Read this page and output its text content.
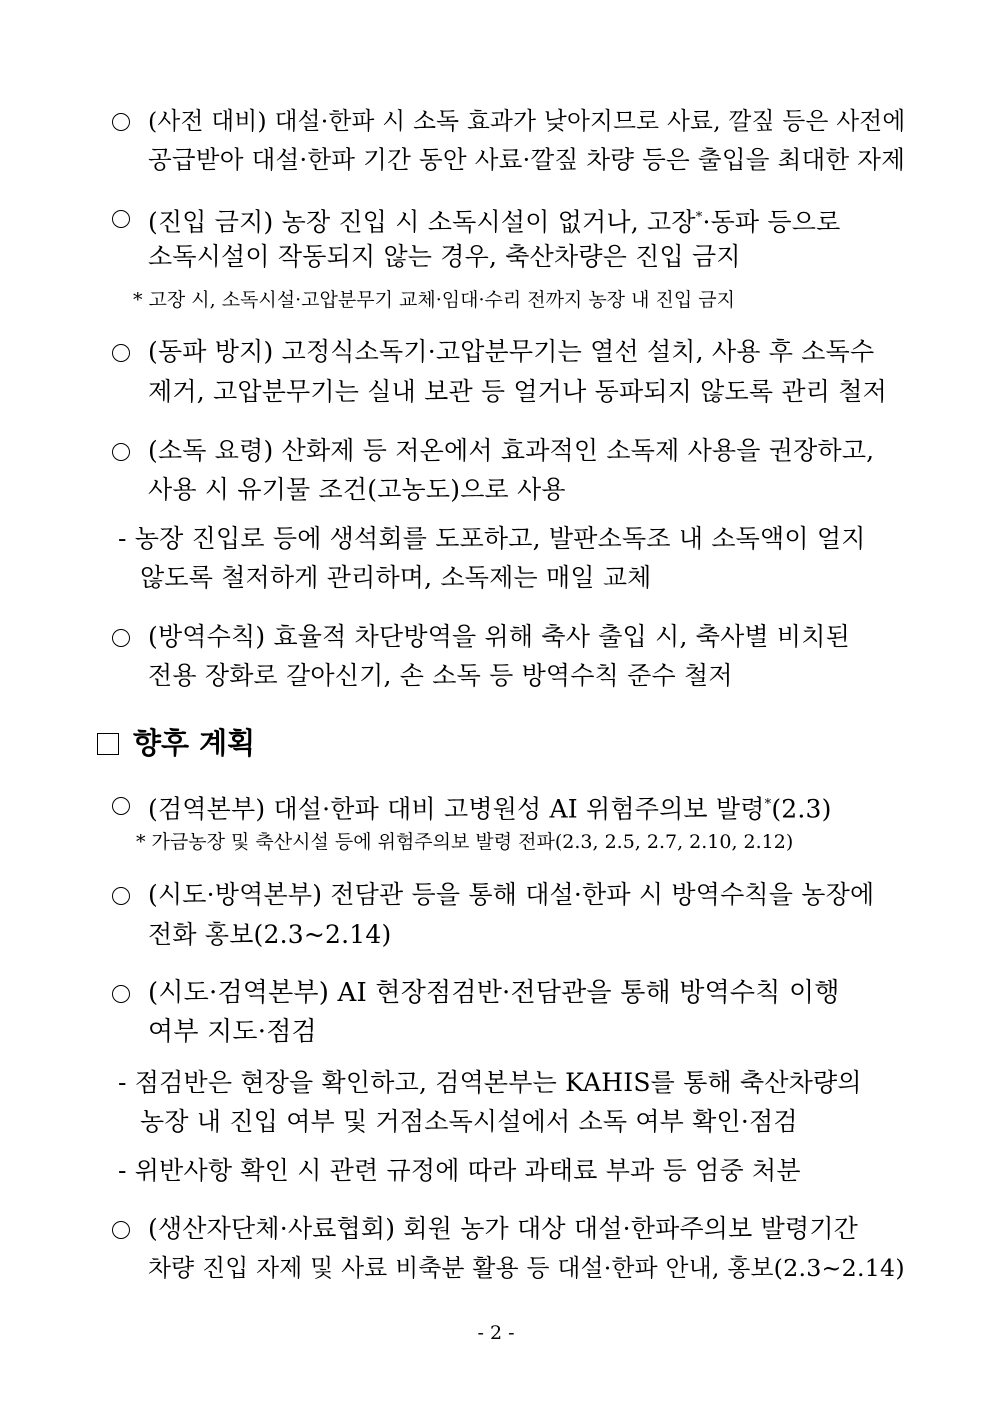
(사전 대비) 대설·한파 시 소독 효과가 낮아지므로 사료, 깔짚 등은 사전에
공급받아 대설·한파 기간 동안 사료·깔짚 차량 등은 출입을 최대한 자제
(진입 금지) 농장 진입 시 소독시설이 없거나, 고장*·동파 등으로
소독시설이 작동되지 않는 경우, 축산차량은 진입 금지
* 고장 시, 소독시설·고압분무기 교체·임대·수리 전까지 농장 내 진입 금지
(동파 방지) 고정식소독기·고압분무기는 열선 설치, 사용 후 소독수
제거, 고압분무기는 실내 보관 등 얼거나 동파되지 않도록 관리 철저
(소독 요령) 산화제 등 저온에서 효과적인 소독제 사용을 권장하고,
사용 시 유기물 조건(고농도)으로 사용
- 농장 진입로 등에 생석회를 도포하고, 발판소독조 내 소독액이 얼지
않도록 철저하게 관리하며, 소독제는 매일 교체
(방역수칙) 효율적 차단방역을 위해 축사 출입 시, 축사별 비치된
전용 장화로 갈아신기, 손 소독 등 방역수칙 준수 철저
향후 계획
(검역본부) 대설·한파 대비 고병원성 AI 위험주의보 발령*(2.3)
* 가금농장 및 축산시설 등에 위험주의보 발령 전파(2.3, 2.5, 2.7, 2.10, 2.12)
(시도·방역본부) 전담관 등을 통해 대설·한파 시 방역수칙을 농장에
전화 홍보(2.3~2.14)
(시도·검역본부) AI 현장점검반·전담관을 통해 방역수칙 이행
여부 지도·점검
- 점검반은 현장을 확인하고, 검역본부는 KAHIS를 통해 축산차량의
농장 내 진입 여부 및 거점소독시설에서 소독 여부 확인·점검
- 위반사항 확인 시 관련 규정에 따라 과태료 부과 등 엄중 처분
(생산자단체·사료협회) 회원 농가 대상 대설·한파주의보 발령기간
차량 진입 자제 및 사료 비축분 활용 등 대설·한파 안내, 홍보(2.3~2.14)
- 2 -
